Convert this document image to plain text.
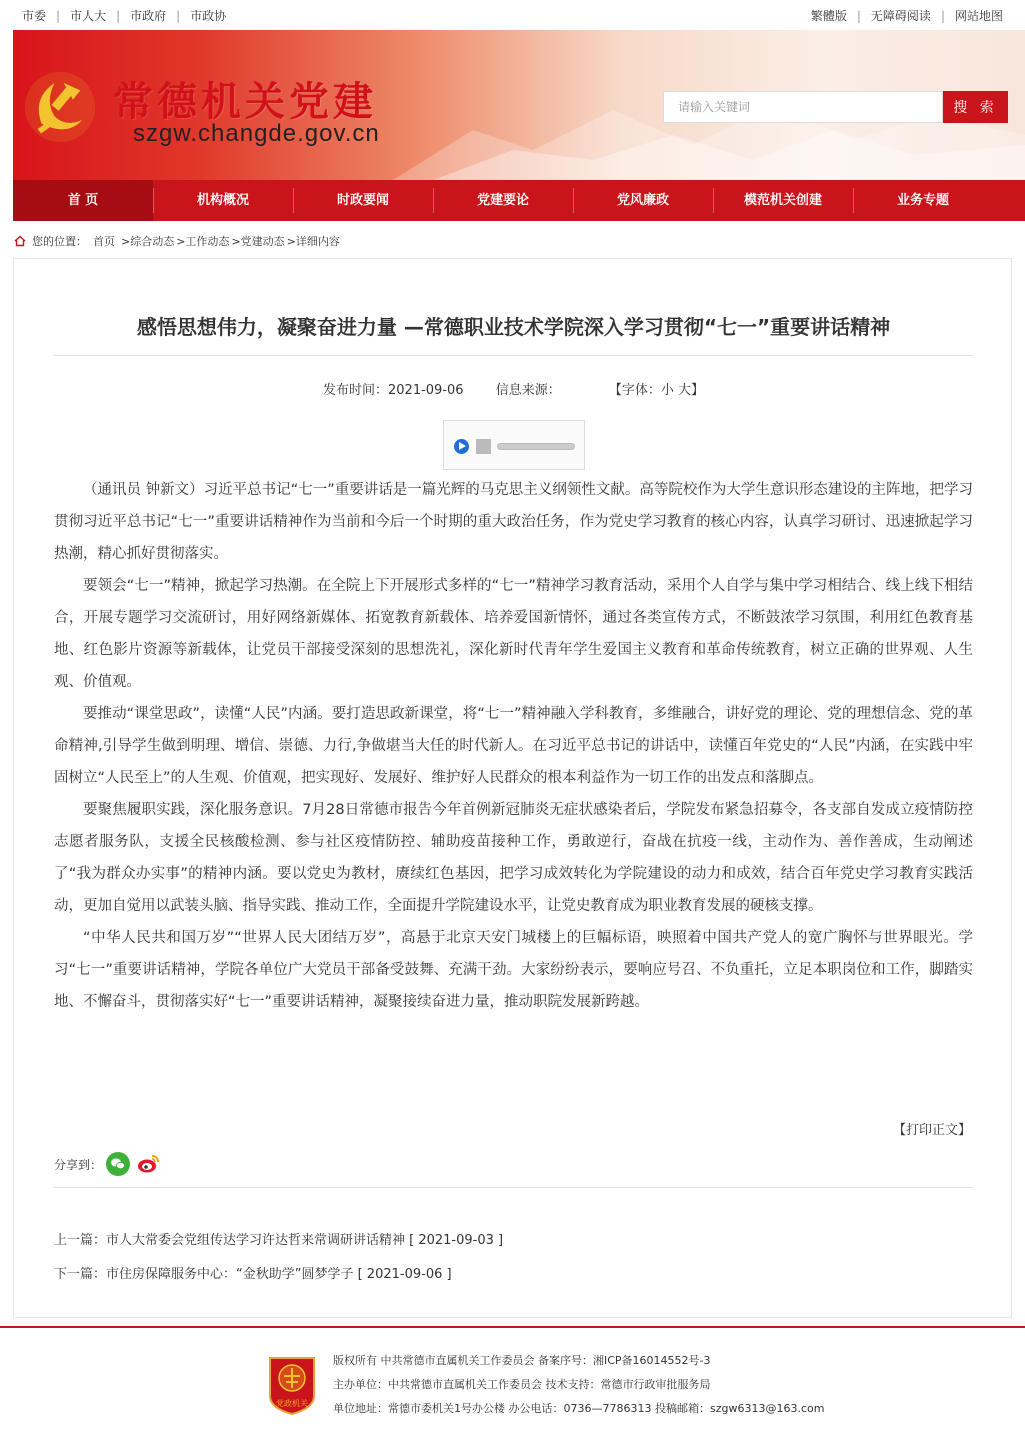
市委 | 市人大 | 市政府 | 市政协	繁體版 | 无障碍阅读 | 网站地图
常德机关党建
szgw.changde.gov.cn
请输入关键词	搜 索
首 页	机构概况	时政要闻	党建要论	党风廉政	模范机关创建	业务专题
您的位置： 首页 >综合动态 >工作动态 >党建动态 >详细内容
感悟思想伟力，凝聚奋进力量 —常德职业技术学院深入学习贯彻“七一”重要讲话精神
发布时间：2021-09-06 信息来源：	【字体：小 大】

（通讯员 钟新文）习近平总书记“七一”重要讲话是一篇光辉的马克思主义纲领性文献。高等院校作为大学生意识形态建设的主阵地，把学习贯彻习近平总书记“七一”重要讲话精神作为当前和今后一个时期的重大政治任务，作为党史学习教育的核心内容，认真学习研讨、迅速掀起学习热潮，精心抓好贯彻落实。

要领会“七一”精神，掀起学习热潮。在全院上下开展形式多样的“七一”精神学习教育活动，采用个人自学与集中学习相结合、线上线下相结合，开展专题学习交流研讨，用好网络新媒体、拓宽教育新载体、培养爱国新情怀，通过各类宣传方式，不断鼓浓学习氛围，利用红色教育基地、红色影片资源等新载体，让党员干部接受深刻的思想洗礼，深化新时代青年学生爱国主义教育和革命传统教育，树立正确的世界观、人生观、价值观。

要推动“课堂思政”，读懂“人民”内涵。要打造思政新课堂，将“七一”精神融入学科教育，多维融合，讲好党的理论、党的理想信念、党的革命精神,引导学生做到明理、增信、崇德、力行,争做堪当大任的时代新人。在习近平总书记的讲话中，读懂百年党史的“人民”内涵，在实践中牢固树立“人民至上”的人生观、价值观，把实现好、发展好、维护好人民群众的根本利益作为一切工作的出发点和落脚点。

要聚焦履职实践，深化服务意识。7月28日常德市报告今年首例新冠肺炎无症状感染者后，学院发布紧急招募令，各支部自发成立疫情防控志愿者服务队，支援全民核酸检测、参与社区疫情防控、辅助疫苗接种工作，勇敢逆行，奋战在抗疫一线，主动作为、善作善成，生动阐述了“我为群众办实事”的精神内涵。要以党史为教材，赓续红色基因，把学习成效转化为学院建设的动力和成效，结合百年党史学习教育实践活动，更加自觉用以武装头脑、指导实践、推动工作，全面提升学院建设水平，让党史教育成为职业教育发展的硬核支撑。

“中华人民共和国万岁”“世界人民大团结万岁”，高悬于北京天安门城楼上的巨幅标语，映照着中国共产党人的宽广胸怀与世界眼光。学习“七一”重要讲话精神，学院各单位广大党员干部备受鼓舞、充满干劲。大家纷纷表示，要响应号召、不负重托，立足本职岗位和工作，脚踏实地、不懈奋斗，贯彻落实好“七一”重要讲话精神，凝聚接续奋进力量，推动职院发展新跨越。

【打印正文】
分享到：
上一篇：市人大常委会党组传达学习许达哲来常调研讲话精神 [ 2021-09-03 ]
下一篇：市住房保障服务中心：“金秋助学”圆梦学子 [ 2021-09-06 ]
党政机关
版权所有 中共常德市直属机关工作委员会 备案序号：湘ICP备16014552号-3
主办单位：中共常德市直属机关工作委员会 技术支持：常德市行政审批服务局
单位地址：常德市委机关1号办公楼 办公电话：0736—7786313 投稿邮箱：szgw6313@163.com
